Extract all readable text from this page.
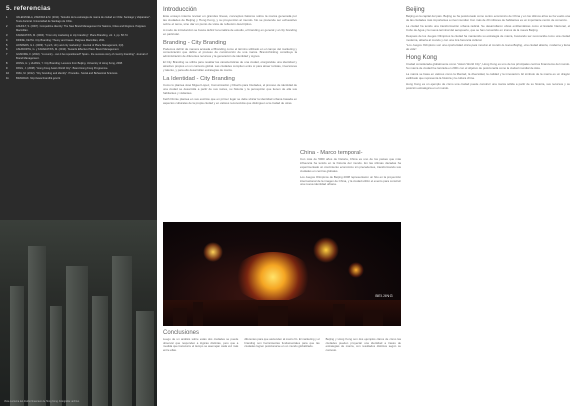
5. referencias
1	VALENZUELA, ZAMORA E.M. (2011). "Estudio de la estrategia de marca de ciudad en Chile: Santiago y Valparaíso". Tesis doctoral. Universidad de Santiago de Chile.
2	ANHOLT, S. (2007). Competitive Identity: The New Brand Management for Nations, Cities and Regions. Palgrave Macmillan.
3	KAVARATZIS, M. (2004). "From city marketing to city branding". Place Branding, vol. 1, pp. 58-73.
4	DINNIE, KEITH. City Branding: Theory and Cases. Palgrave Macmillan, 2011.
5	HOSPERS, G.J. (2009). "Lynch, Urry and city marketing". Journal of Place Management, 2(3).
6	ASHWORTH, G. y KAVARATZIS, M. (2010). Towards Effective Place Brand Management.
7	GILMORE, F. (2002). "A country - can it be repositioned? Spain - the success story of country branding". Journal of Brand Management.
8	WANG, H. y HUANG, Y. City Branding: Lessons from Beijing. University of Hong Kong, 2008.
9	PANG, J. (2008). "Hong Kong Asia's World City". Brand Hong Kong Programme.
10	RIZA, M. (2012). "City branding and identity". Procedia - Social and Behavioral Sciences.
11	BRANDHK. http://www.brandhk.gov.hk
Vista nocturna del distrito financiero de Hong Kong. Fotografía: archivo.
Introducción

Este ensayo intenta revisar en grandes líneas, conceptos básicos sobre la marca generada por las ciudades de Beijing y Hong Kong, y su proyección al mundo. No se pretende ser exhaustivo sobre el tema, sino dar un punto de vista de reflexión descriptivo.

A modo de introducción se busca definir la temática de estudio, el branding en general y el city branding en particular.

Branding - City Branding

Podemos definir de manera acotada el Branding como el término utilizado en el campo del marketing y comunicación que define el proceso de construcción de una marca. Brand-thinking constituye la administración de diferentes recursos y la generación de identidad y signos.

El City Branding se utiliza para resaltar las características de una ciudad, otorgándole una identidad y atractivo propios en un contexto global. Las ciudades compiten entre sí para atraer turistas, inversiones y talento, y para ello desarrollan estrategias de marca.

La Identidad - City Branding

Como lo plantea José Miguel López, Comunicación y Diseño para Ciudades, el proceso de identidad de una ciudad se desarrolla a partir de sus raíces, su historia y la percepción que tienen de ella sus habitantes y visitantes.

Keith Dinnie plantea en sus escritos que en primer lugar se debe ubicar la identidad urbana basada en aspectos culturales de la propia ciudad y en valores reconocidos que distinguen a la ciudad de otras.

China - Marco temporal-

Con más de 5000 años de historia, China es uno de los países que más influencia ha tenido en la historia del mundo. En las últimas décadas ha experimentado un crecimiento económico sin precedentes, transformando sus ciudades en centros globales.

Los Juegos Olímpicos de Beijing 2008 representaron un hito en la proyección internacional de la imagen de China, y la ciudad utilizó el evento para construir una nueva identidad urbana.

BEIJING
Conclusiones

Luego de un análisis sobre estas dos ciudades se puede observar que responden a lógicas distintas, pero que a medida que transcurre el tiempo se asemejan cada vez más entre ellas.

diferentes para que ascienden al marco fin. El marketing y el branding son herramientas fundamentales para que las ciudades logren posicionarse en un mundo globalizado.

Beijing y Hong Kong son dos ejemplos claros de cómo las ciudades pueden proyectar una identidad a través de estrategias de marca, con resultados distintos según su contexto.

Beijing

Beijing es la capital del país. Beijing se ha posicionado como centro económico de China y en los últimos años se ha vuelto una de las ciudades más importantes a nivel mundial. Con más de 20 millones de habitantes es un importante centro de comercio.

La ciudad ha tenido una transformación urbana radical. Se desarrollaron obras emblemáticas como el Estadio Nacional, el Cubo de Agua y la nueva terminal del aeropuerto, que se han convertido en íconos de la nueva Beijing.

Después de los Juegos Olímpicos la ciudad ha mantenido su estrategia de marca, buscando ser reconocida como una ciudad moderna, abierta al mundo y con una rica herencia cultural.

"Los Juegos Olímpicos son una oportunidad única para mostrar al mundo la nueva Beijing, una ciudad abierta, moderna y llena de vida".

Hong Kong

Ciudad considerada globalmente como "Asia's World City", Hong Kong es uno de los principales centros financieros del mundo. Su marca de ciudad fue lanzada en 2001 con el objetivo de posicionarla como la ciudad mundial de Asia.

La marca se basa en valores como la libertad, la diversidad, la calidad y la innovación. El símbolo de la marca es un dragón estilizado que representa la historia y la cultura china.

Hong Kong es un ejemplo de cómo una ciudad puede construir una marca sólida a partir de su historia, sus recursos y su posición estratégica en el mundo.
